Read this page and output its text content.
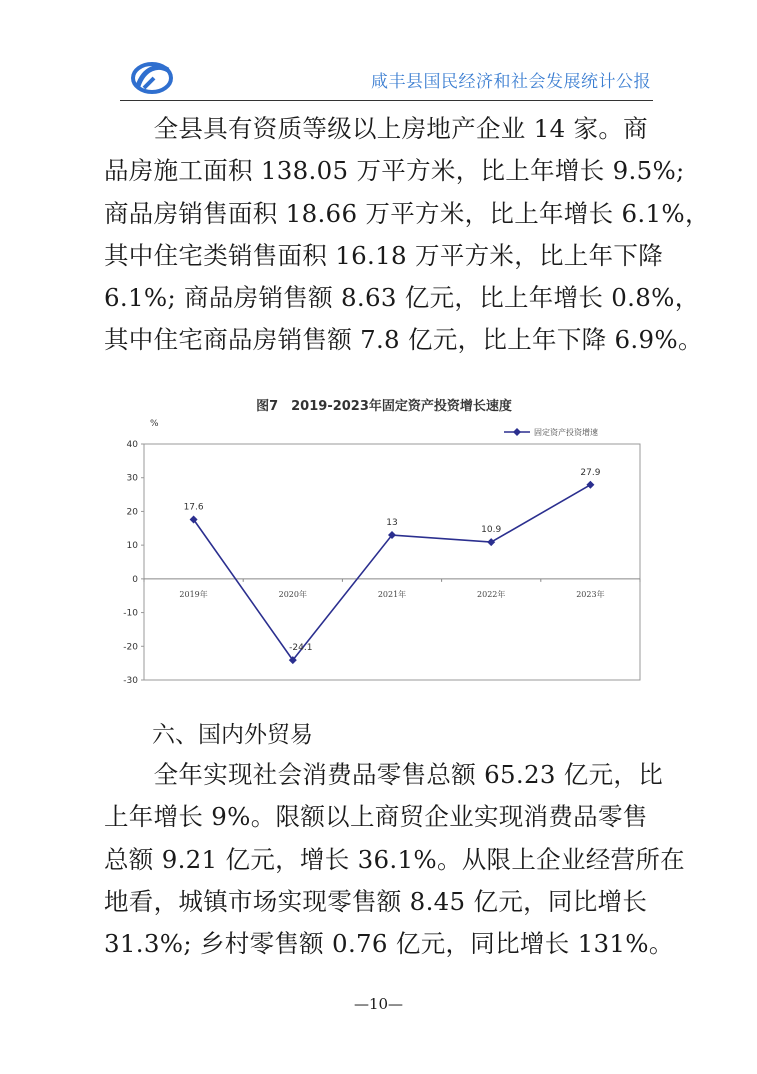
咸丰县国民经济和社会发展统计公报
　　全县具有资质等级以上房地产企业 14 家。商
品房施工面积 138.05 万平方米，比上年增长 9.5%;
商品房销售面积 18.66 万平方米，比上年增长 6.1%，
其中住宅类销售面积 16.18 万平方米，比上年下降
6.1%; 商品房销售额 8.63 亿元，比上年增长 0.8%，
其中住宅商品房销售额 7.8 亿元，比上年下降 6.9%。
图7　2019-2023年固定资产投资增长速度
%
40
30
20
10
0
-10
-20
-30
2019年	2020年	2021年	2022年	2023年
17.6
-24.1
13
10.9
27.9
固定资产投资增速
六、国内外贸易
　　全年实现社会消费品零售总额 65.23 亿元，比
上年增长 9%。限额以上商贸企业实现消费品零售
总额 9.21 亿元，增长 36.1%。从限上企业经营所在
地看，城镇市场实现零售额 8.45 亿元，同比增长
31.3%; 乡村零售额 0.76 亿元，同比增长 131%。
—10—
